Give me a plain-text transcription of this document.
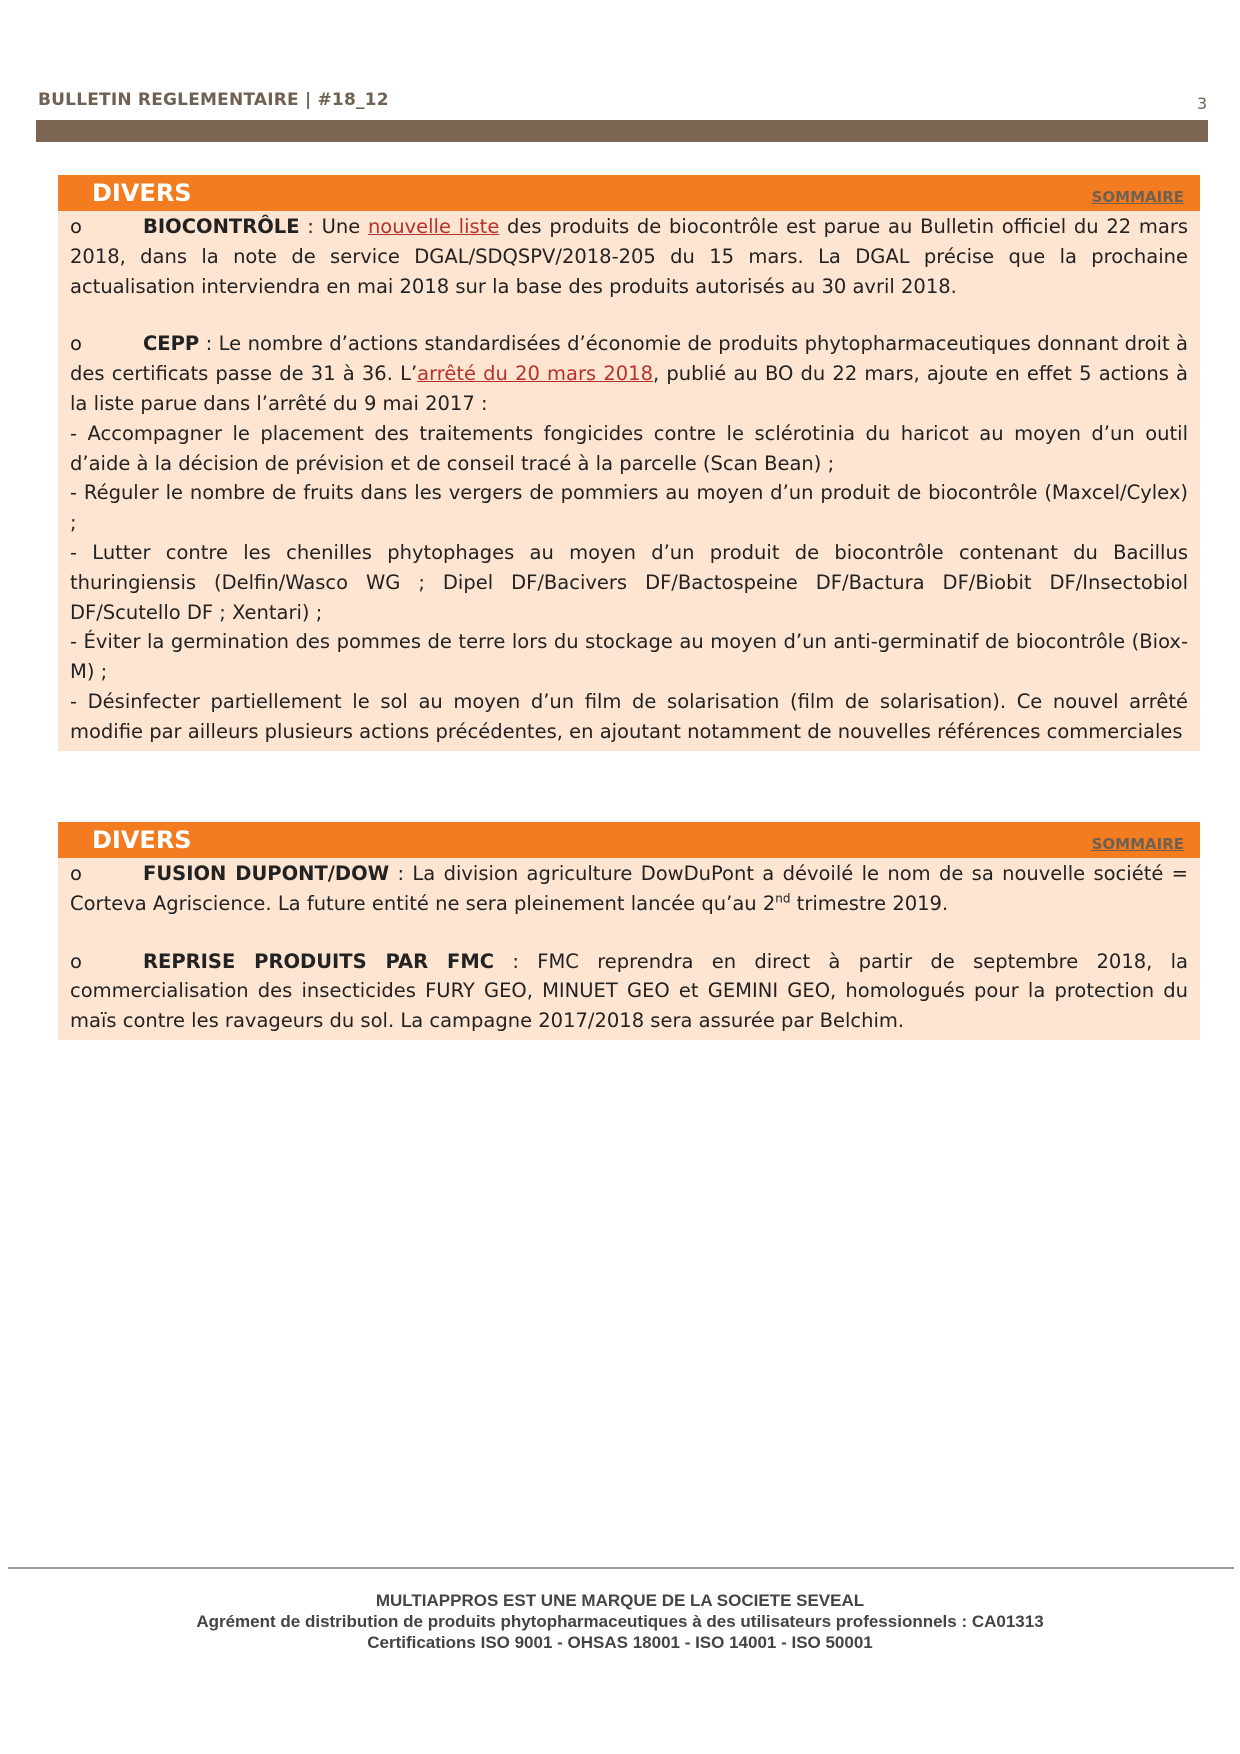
BULLETIN REGLEMENTAIRE | #18_12	3
DIVERS	SOMMAIRE

o	BIOCONTRÔLE : Une nouvelle liste des produits de biocontrôle est parue au Bulletin officiel du 22 mars 2018, dans la note de service DGAL/SDQSPV/2018-205 du 15 mars. La DGAL précise que la prochaine actualisation interviendra en mai 2018 sur la base des produits autorisés au 30 avril 2018.

o	CEPP : Le nombre d’actions standardisées d’économie de produits phytopharmaceutiques donnant droit à des certificats passe de 31 à 36. L’arrêté du 20 mars 2018, publié au BO du 22 mars, ajoute en effet 5 actions à la liste parue dans l’arrêté du 9 mai 2017 :

- Accompagner le placement des traitements fongicides contre le sclérotinia du haricot au moyen d’un outil d’aide à la décision de prévision et de conseil tracé à la parcelle (Scan Bean) ;

- Réguler le nombre de fruits dans les vergers de pommiers au moyen d’un produit de biocontrôle (Maxcel/Cylex) ;

- Lutter contre les chenilles phytophages au moyen d’un produit de biocontrôle contenant du Bacillus thuringiensis (Delfin/Wasco WG ; Dipel DF/Bacivers DF/Bactospeine DF/Bactura DF/Biobit DF/Insectobiol DF/Scutello DF ; Xentari) ;

- Éviter la germination des pommes de terre lors du stockage au moyen d’un anti-germinatif de biocontrôle (Biox-M) ;

- Désinfecter partiellement le sol au moyen d’un film de solarisation (film de solarisation). Ce nouvel arrêté modifie par ailleurs plusieurs actions précédentes, en ajoutant notamment de nouvelles références commerciales

DIVERS	SOMMAIRE

o	FUSION DUPONT/DOW : La division agriculture DowDuPont a dévoilé le nom de sa nouvelle société = Corteva Agriscience. La future entité ne sera pleinement lancée qu’au 2nd trimestre 2019.

o	REPRISE PRODUITS PAR FMC : FMC reprendra en direct à partir de septembre 2018, la commercialisation des insecticides FURY GEO, MINUET GEO et GEMINI GEO, homologués pour la protection du maïs contre les ravageurs du sol. La campagne 2017/2018 sera assurée par Belchim.

MULTIAPPROS EST UNE MARQUE DE LA SOCIETE SEVEAL
Agrément de distribution de produits phytopharmaceutiques à des utilisateurs professionnels : CA01313
Certifications ISO 9001 - OHSAS 18001 - ISO 14001 - ISO 50001
